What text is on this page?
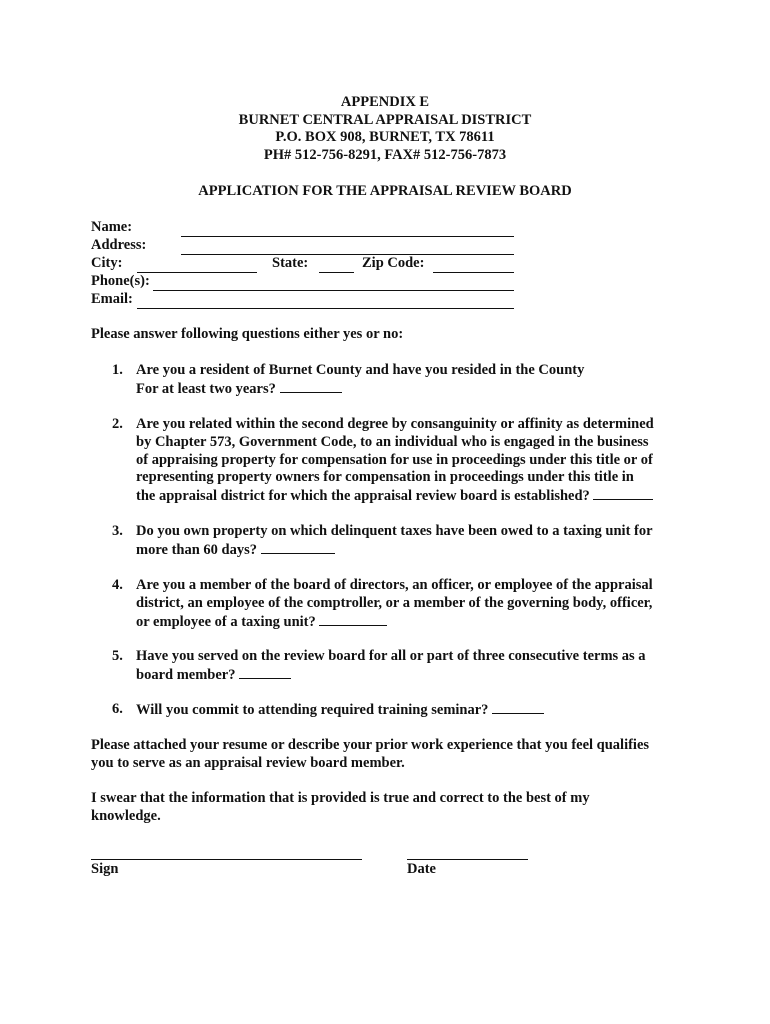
APPENDIX E
BURNET CENTRAL APPRAISAL DISTRICT
P.O. BOX 908, BURNET, TX 78611
PH# 512-756-8291, FAX# 512-756-7873
APPLICATION FOR THE APPRAISAL REVIEW BOARD
Name:
Address:
City:	State:	Zip Code:
Phone(s):
Email:
Please answer following questions either yes or no:
1. Are you a resident of Burnet County and have you resided in the County
For at least two years?
2. Are you related within the second degree by consanguinity or affinity as determined
by Chapter 573, Government Code, to an individual who is engaged in the business
of appraising property for compensation for use in proceedings under this title or of
representing property owners for compensation in proceedings under this title in
the appraisal district for which the appraisal review board is established?
3. Do you own property on which delinquent taxes have been owed to a taxing unit for
more than 60 days?
4. Are you a member of the board of directors, an officer, or employee of the appraisal
district, an employee of the comptroller, or a member of the governing body, officer,
or employee of a taxing unit?
5. Have you served on the review board for all or part of three consecutive terms as a
board member?
6. Will you commit to attending required training seminar?
Please attached your resume or describe your prior work experience that you feel qualifies
you to serve as an appraisal review board member.
I swear that the information that is provided is true and correct to the best of my
knowledge.
Sign	Date
